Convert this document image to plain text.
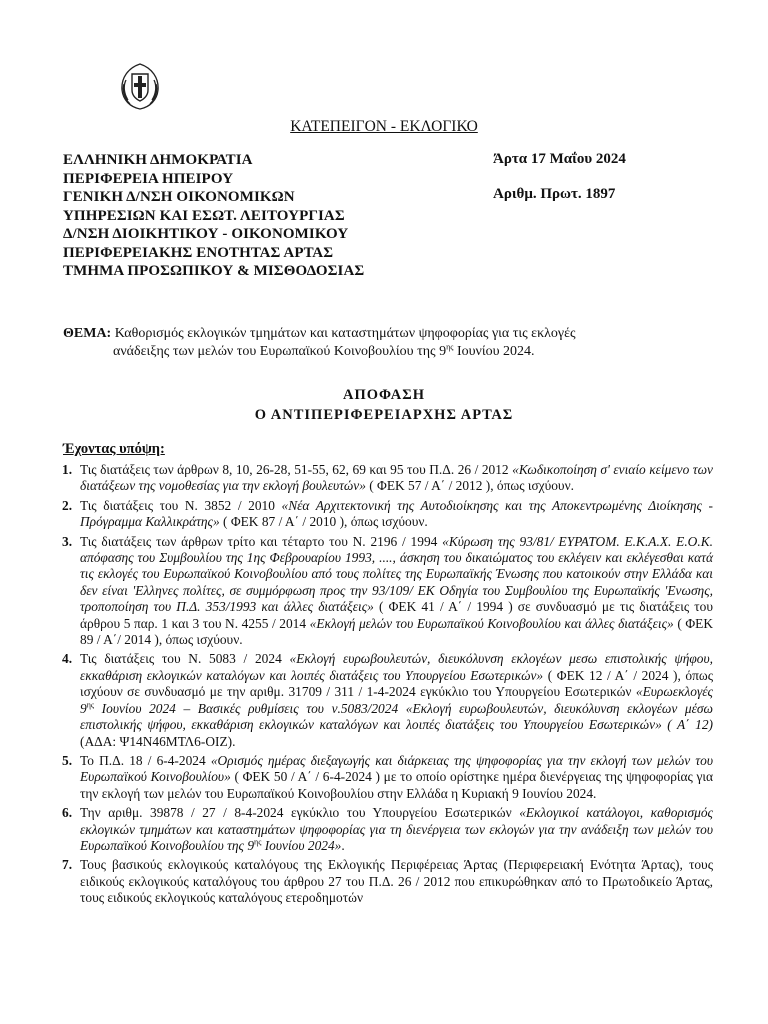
ΚΑΤΕΠΕΙΓΟΝ - ΕΚΛΟΓΙΚΟ
ΕΛΛΗΝΙΚΗ ΔΗΜΟΚΡΑΤΙΑ
ΠΕΡΙΦΕΡΕΙΑ ΗΠΕΙΡΟΥ
ΓΕΝΙΚΗ Δ/ΝΣΗ ΟΙΚΟΝΟΜΙΚΩΝ
ΥΠΗΡΕΣΙΩΝ ΚΑΙ ΕΣΩΤ. ΛΕΙΤΟΥΡΓΙΑΣ
Δ/ΝΣΗ ΔΙΟΙΚΗΤΙΚΟΥ - ΟΙΚΟΝΟΜΙΚΟΥ
ΠΕΡΙΦΕΡΕΙΑΚΗΣ ΕΝΟΤΗΤΑΣ ΑΡΤΑΣ
ΤΜΗΜΑ ΠΡΟΣΩΠΙΚΟΥ & ΜΙΣΘΟΔΟΣΙΑΣ
Άρτα 17 Μαΐου 2024
Αριθμ. Πρωτ. 1897
ΘΕΜΑ: Καθορισμός εκλογικών τμημάτων και καταστημάτων ψηφοφορίας για τις εκλογές
ανάδειξης των μελών του Ευρωπαϊκού Κοινοβουλίου της $9^{\eta\varsigma}$ Ιουνίου 2024.
ΑΠΟΦΑΣΗ
Ο ΑΝΤΙΠΕΡΙΦΕΡΕΙΑΡΧΗΣ ΑΡΤΑΣ
Έχοντας υπόψη:
1. Τις διατάξεις των άρθρων 8, 10, 26-28, 51-55, 62, 69 και 95 του Π.Δ. 26 / 2012 «Κωδικοποίηση σ' ενιαίο κείμενο των διατάξεων της νομοθεσίας για την εκλογή βουλευτών» ( ΦΕΚ 57 / Α΄ / 2012 ), όπως ισχύουν.
2. Τις διατάξεις του Ν. 3852 / 2010 «Νέα Αρχιτεκτονική της Αυτοδιοίκησης και της Αποκεντρωμένης Διοίκησης - Πρόγραμμα Καλλικράτης» ( ΦΕΚ 87 / Α΄ / 2010 ), όπως ισχύουν.
3. Τις διατάξεις των άρθρων τρίτο και τέταρτο του Ν. 2196 / 1994 «Κύρωση της 93/81/ ΕΥΡΑΤΟΜ. Ε.Κ.Α.Χ. Ε.Ο.Κ. απόφασης του Συμβουλίου της 1ης Φεβρουαρίου 1993, ...., άσκηση του δικαιώματος του εκλέγειν και εκλέγεσθαι κατά τις εκλογές του Ευρωπαϊκού Κοινοβουλίου από τους πολίτες της Ευρωπαϊκής Ένωσης που κατοικούν στην Ελλάδα και δεν είναι 'Ελληνες πολίτες, σε συμμόρφωση προς την 93/109/ ΕΚ Οδηγία του Συμβουλίου της Ευρωπαϊκής 'Ενωσης, τροποποίηση του Π.Δ. 353/1993 και άλλες διατάξεις» ( ΦΕΚ 41 / Α΄ / 1994 ) σε συνδυασμό με τις διατάξεις του άρθρου 5 παρ. 1 και 3 του Ν. 4255 / 2014 «Εκλογή μελών του Ευρωπαϊκού Κοινοβουλίου και άλλες διατάξεις» ( ΦΕΚ 89 / Α΄/ 2014 ), όπως ισχύουν.
4. Τις διατάξεις του Ν. 5083 / 2024 «Εκλογή ευρωβουλευτών, διευκόλυνση εκλογέων μεσω επιστολικής ψήφου, εκκαθάριση εκλογικών καταλόγων και λοιπές διατάξεις του Υπουργείου Εσωτερικών» ( ΦΕΚ 12 / Α΄ / 2024 ), όπως ισχύουν σε συνδυασμό με την αριθμ. 31709 / 311 / 1-4-2024 εγκύκλιο του Υπουργείου Εσωτερικών «Ευρωεκλογές $9^{\eta\varsigma}$ Ιουνίου 2024 – Βασικές ρυθμίσεις του ν.5083/2024 «Εκλογή ευρωβουλευτών, διευκόλυνση εκλογέων μέσω επιστολικής ψήφου, εκκαθάριση εκλογικών καταλόγων και λοιπές διατάξεις του Υπουργείου Εσωτερικών» ( Α΄ 12) (ΑΔΑ: Ψ14Ν46ΜΤΛ6-ΟΙΖ).
5. Το Π.Δ. 18 / 6-4-2024 «Ορισμός ημέρας διεξαγωγής και διάρκειας της ψηφοφορίας για την εκλογή των μελών του Ευρωπαϊκού Κοινοβουλίου» ( ΦΕΚ 50 / Α΄ / 6-4-2024 ) με το οποίο ορίστηκε ημέρα διενέργειας της ψηφοφορίας για την εκλογή των μελών του Ευρωπαϊκού Κοινοβουλίου στην Ελλάδα η Κυριακή 9 Ιουνίου 2024.
6. Την αριθμ. 39878 / 27 / 8-4-2024 εγκύκλιο του Υπουργείου Εσωτερικών «Εκλογικοί κατάλογοι, καθορισμός εκλογικών τμημάτων και καταστημάτων ψηφοφορίας για τη διενέργεια των εκλογών για την ανάδειξη των μελών του Ευρωπαϊκού Κοινοβουλίου της $9^{\eta\varsigma}$ Ιουνίου 2024».
7. Τους βασικούς εκλογικούς καταλόγους της Εκλογικής Περιφέρειας Άρτας (Περιφερειακή Ενότητα Άρτας), τους ειδικούς εκλογικούς καταλόγους του άρθρου 27 του Π.Δ. 26 / 2012 που επικυρώθηκαν από το Πρωτοδικείο Άρτας, τους ειδικούς εκλογικούς καταλόγους ετεροδημοτών
